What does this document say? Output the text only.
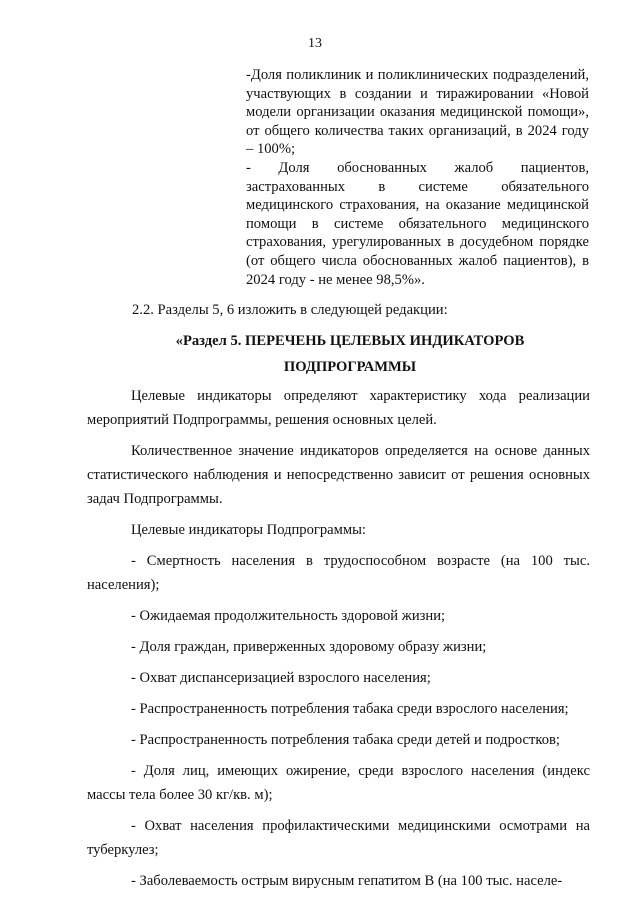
13

-Доля поликлиник и поликлинических подразделений, участвующих в создании и тиражировании «Новой модели организации оказания медицинской помощи», от общего количества таких организаций, в 2024 году – 100%;

- Доля обоснованных жалоб пациентов, застрахованных в системе обязательного медицинского страхования, на оказание медицинской помощи в системе обязательного медицинского страхования, урегулированных в досудебном порядке (от общего числа обоснованных жалоб пациентов), в 2024 году - не менее 98,5%».

2.2. Разделы 5, 6 изложить в следующей редакции:
«Раздел 5. ПЕРЕЧЕНЬ ЦЕЛЕВЫХ ИНДИКАТОРОВ
ПОДПРОГРАММЫ

Целевые индикаторы определяют характеристику хода реализации мероприятий Подпрограммы, решения основных целей.

Количественное значение индикаторов определяется на основе данных статистического наблюдения и непосредственно зависит от решения основных задач Подпрограммы.

Целевые индикаторы Подпрограммы:

- Смертность населения в трудоспособном возрасте (на 100 тыс. населения);

- Ожидаемая продолжительность здоровой жизни;

- Доля граждан, приверженных здоровому образу жизни;

- Охват диспансеризацией взрослого населения;

- Распространенность потребления табака среди взрослого населения;

- Распространенность потребления табака среди детей и подростков;

- Доля лиц, имеющих ожирение, среди взрослого населения (индекс массы тела более 30 кг/кв. м);

- Охват населения профилактическими медицинскими осмотрами на туберкулез;

- Заболеваемость острым вирусным гепатитом В (на 100 тыс. населе-
